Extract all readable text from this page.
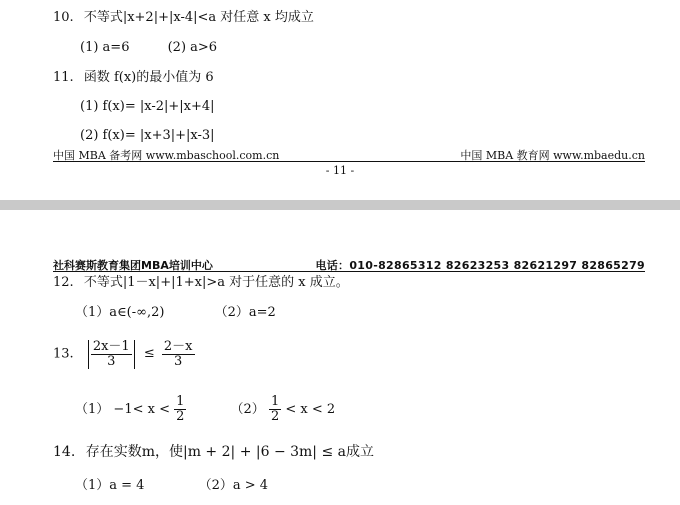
10. 不等式|x+2|+|x-4|<a 对任意 x 均成立
(1) a=6	(2) a>6
11. 函数 f(x)的最小值为 6
(1) f(x)= |x-2|+|x+4|
(2) f(x)= |x+3|+|x-3|
中国 MBA 备考网 www.mbaschool.com.cn	中国 MBA 教育网 www.mbaedu.cn
- 11 -
社科赛斯教育集团MBA培训中心	电话：010-82865312 82623253 82621297 82865279
12. 不等式|1－x|+|1+x|>a 对于任意的 x 成立。
（1）a∈(-∞,2)	（2）a=2
13. $\frac{2x-1}{3} \le \frac{2-x}{3}$
$(1) -1< x < \frac{1}{2}$	$(2) \frac{1}{2} < x < 2$
14. 存在实数m，使|m + 2| + |6 − 3m| ≤ a成立
（1）a = 4	（2）a > 4
